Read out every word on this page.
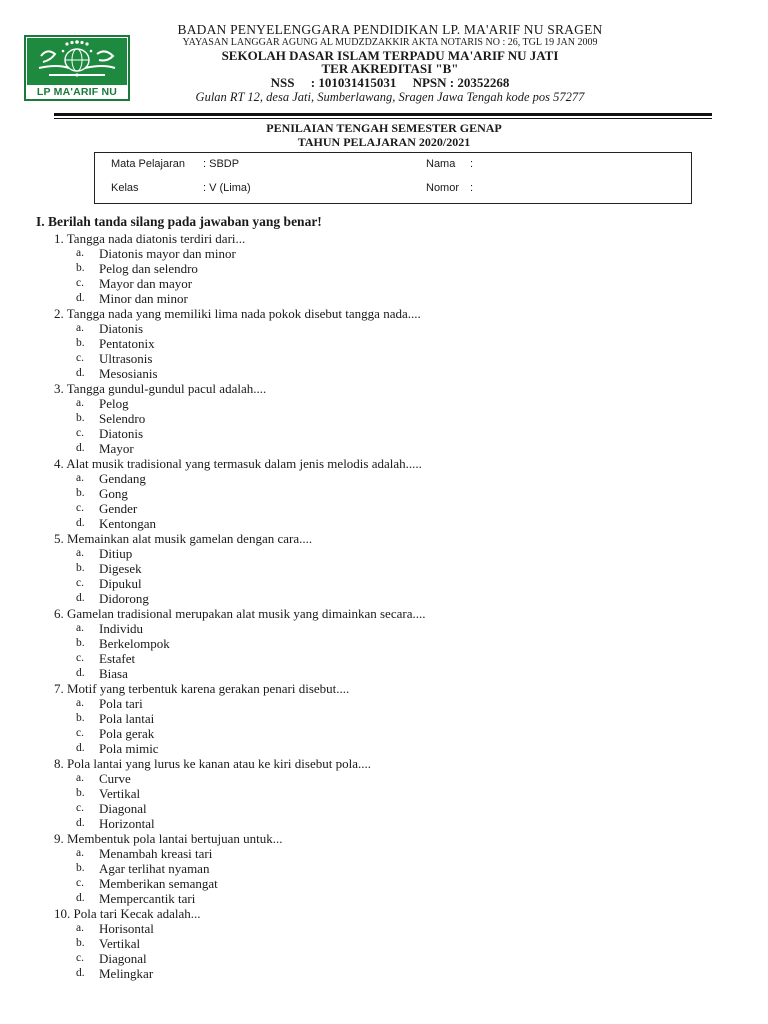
LP MA'ARIF NU
BADAN PENYELENGGARA PENDIDIKAN LP. MA'ARIF NU SRAGEN
YAYASAN LANGGAR AGUNG AL MUDZDZAKKIR AKTA NOTARIS NO : 26, TGL 19 JAN 2009
SEKOLAH DASAR ISLAM TERPADU MA'ARIF NU JATI
TER AKREDITASI "B"
NSS     : 101031415031     NPSN : 20352268
Gulan RT 12, desa Jati, Sumberlawang, Sragen Jawa Tengah kode pos 57277
PENILAIAN TENGAH SEMESTER GENAP
TAHUN PELAJARAN 2020/2021
Mata Pelajaran : SBDP	Nama :
Kelas	: V (Lima)	Nomor :
I. Berilah tanda silang pada jawaban yang benar!
1. Tangga nada diatonis terdiri dari...
a. Diatonis mayor dan minor
b. Pelog dan selendro
c. Mayor dan mayor
d. Minor dan minor
2. Tangga nada yang memiliki lima nada pokok disebut tangga nada....
a. Diatonis
b. Pentatonix
c. Ultrasonis
d. Mesosianis
3. Tangga gundul-gundul pacul adalah....
a. Pelog
b. Selendro
c. Diatonis
d. Mayor
4. Alat musik tradisional yang termasuk dalam jenis melodis adalah.....
a. Gendang
b. Gong
c. Gender
d. Kentongan
5. Memainkan alat musik gamelan dengan cara....
a. Ditiup
b. Digesek
c. Dipukul
d. Didorong
6. Gamelan tradisional merupakan alat musik yang dimainkan secara....
a. Individu
b. Berkelompok
c. Estafet
d. Biasa
7. Motif yang terbentuk karena gerakan penari disebut....
a. Pola tari
b. Pola lantai
c. Pola gerak
d. Pola mimic
8. Pola lantai yang lurus ke kanan atau ke kiri disebut pola....
a. Curve
b. Vertikal
c. Diagonal
d. Horizontal
9. Membentuk pola lantai bertujuan untuk...
a. Menambah kreasi tari
b. Agar terlihat nyaman
c. Memberikan semangat
d. Mempercantik tari
10. Pola tari Kecak adalah...
a. Horisontal
b. Vertikal
c. Diagonal
d. Melingkar
